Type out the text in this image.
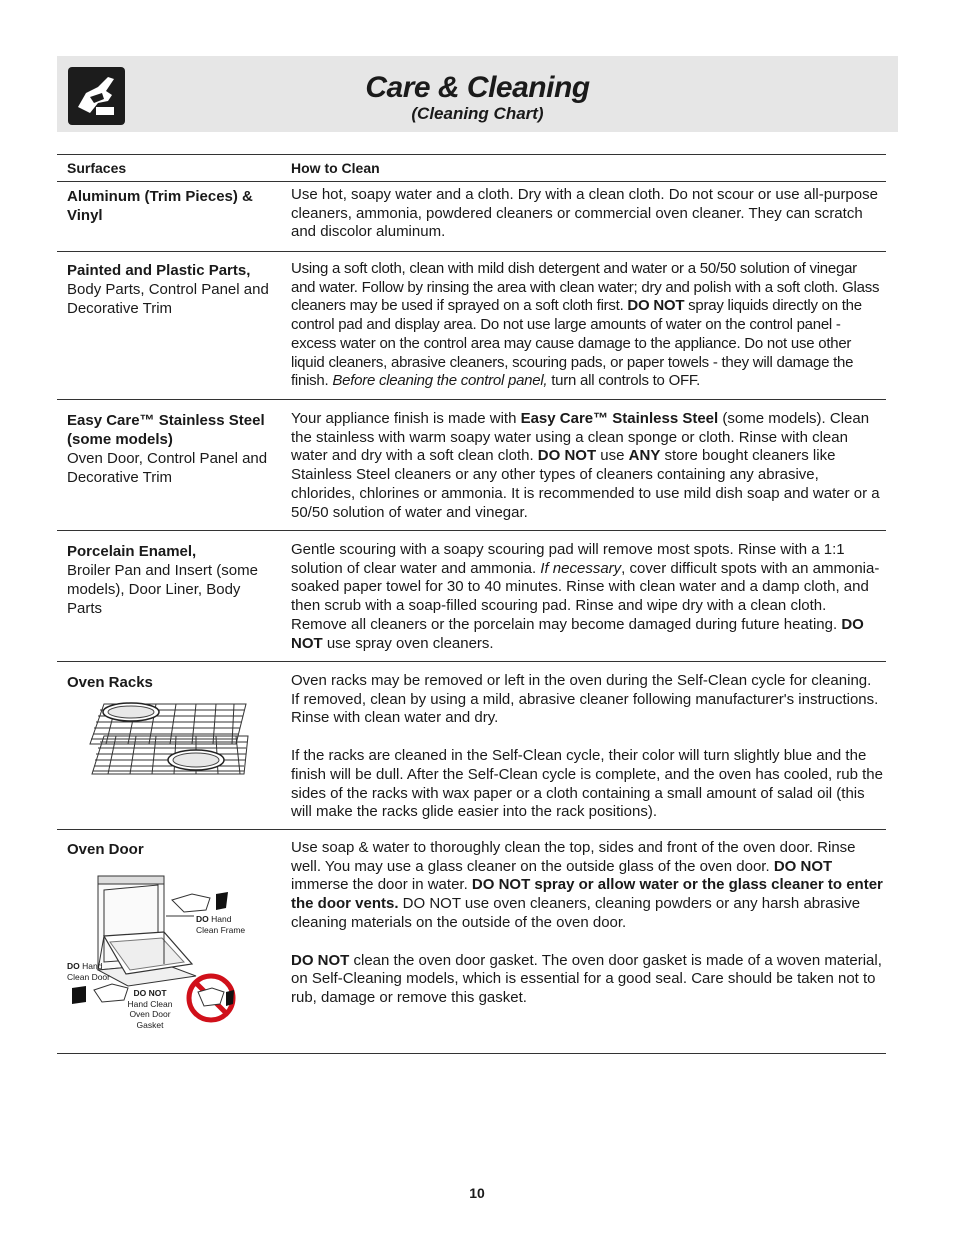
Care & Cleaning
(Cleaning Chart)
Surfaces	How to Clean
Aluminum (Trim Pieces) & Vinyl

Use hot, soapy water and a cloth. Dry with a clean cloth. Do not scour or use all-purpose cleaners, ammonia, powdered cleaners or commercial oven cleaner. They can scratch and discolor aluminum.

Painted and Plastic Parts,
Body Parts, Control Panel and Decorative Trim

Using a soft cloth, clean with mild dish detergent and water or a 50/50 solution of vinegar and water. Follow by rinsing the area with clean water; dry and polish with a soft cloth. Glass cleaners may be used if sprayed on a soft cloth first. DO NOT spray liquids directly on the control pad and display area. Do not use large amounts of water on the control panel - excess water on the control area may cause damage to the appliance. Do not use other liquid cleaners, abrasive cleaners, scouring pads, or paper towels - they will damage the finish. Before cleaning the control panel, turn all controls to OFF.

Easy Care™ Stainless Steel (some models)
Oven Door, Control Panel and Decorative Trim

Your appliance finish is made with Easy Care™ Stainless Steel (some models). Clean the stainless with warm soapy water using a clean sponge or cloth. Rinse with clean water and dry with a soft clean cloth. DO NOT use ANY store bought cleaners like Stainless Steel cleaners or any other types of cleaners containing any abrasive, chlorides, chlorines or ammonia. It is recommended to use mild dish soap and water or a 50/50 solution of water and vinegar.

Porcelain Enamel,
Broiler Pan and Insert (some models), Door Liner, Body Parts

Gentle scouring with a soapy scouring pad will remove most spots. Rinse with a 1:1 solution of clear water and ammonia. If necessary, cover difficult spots with an ammonia-soaked paper towel for 30 to 40 minutes. Rinse with clean water and a damp cloth, and then scrub with a soap-filled scouring pad. Rinse and wipe dry with a clean cloth. Remove all cleaners or the porcelain may become damaged during future heating. DO NOT use spray oven cleaners.

Oven Racks	Oven racks may be removed or left in the oven during the Self-Clean cycle for cleaning. If removed, clean by using a mild, abrasive cleaner following manufacturer's instructions. Rinse with clean water and dry.

If the racks are cleaned in the Self-Clean cycle, their color will turn slightly blue and the finish will be dull. After the Self-Clean cycle is complete, and the oven has cooled, rub the sides of the racks with wax paper or a cloth containing a small amount of salad oil (this will make the racks glide easier into the rack positions).

Oven Door
DO Hand
Clean Frame
DO Hand
Clean Door
DO NOT
Hand Clean
Oven Door
Gasket

Use soap & water to thoroughly clean the top, sides and front of the oven door. Rinse well. You may use a glass cleaner on the outside glass of the oven door. DO NOT immerse the door in water. DO NOT spray or allow water or the glass cleaner to enter the door vents. DO NOT use oven cleaners, cleaning powders or any harsh abrasive cleaning materials on the outside of the oven door.

DO NOT clean the oven door gasket. The oven door gasket is made of a woven material, on Self-Cleaning models, which is essential for a good seal. Care should be taken not to rub, damage or remove this gasket.

10
